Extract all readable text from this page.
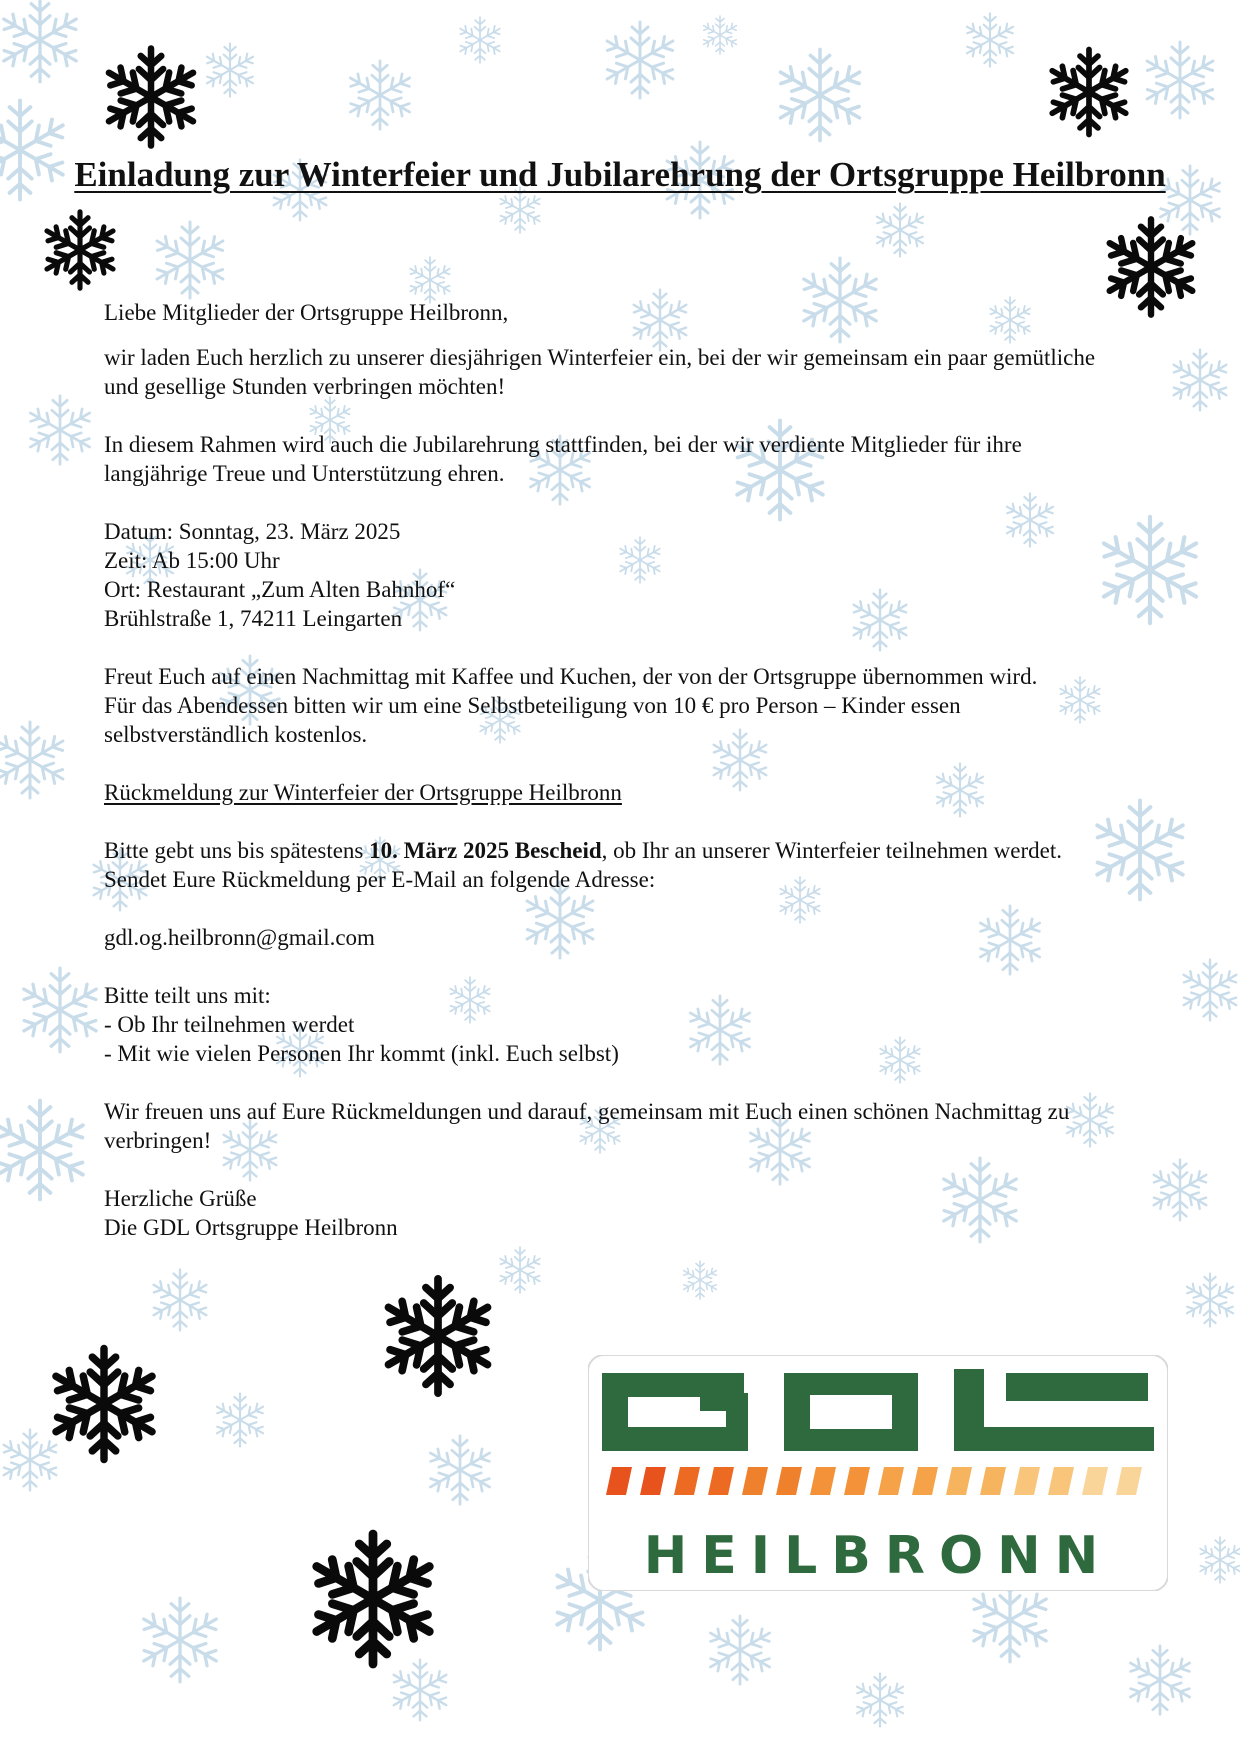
Einladung zur Winterfeier und Jubilarehrung der Ortsgruppe Heilbronn

Liebe Mitglieder der Ortsgruppe Heilbronn,

wir laden Euch herzlich zu unserer diesjährigen Winterfeier ein, bei der wir gemeinsam ein paar gemütliche

und gesellige Stunden verbringen möchten!

In diesem Rahmen wird auch die Jubilarehrung stattfinden, bei der wir verdiente Mitglieder für ihre

langjährige Treue und Unterstützung ehren.

Datum: Sonntag, 23. März 2025

Zeit: Ab 15:00 Uhr

Ort: Restaurant „Zum Alten Bahnhof“

Brühlstraße 1, 74211 Leingarten

Freut Euch auf einen Nachmittag mit Kaffee und Kuchen, der von der Ortsgruppe übernommen wird.

Für das Abendessen bitten wir um eine Selbstbeteiligung von 10 € pro Person – Kinder essen

selbstverständlich kostenlos.

Rückmeldung zur Winterfeier der Ortsgruppe Heilbronn

Bitte gebt uns bis spätestens 10. März 2025 Bescheid, ob Ihr an unserer Winterfeier teilnehmen werdet.

Sendet Eure Rückmeldung per E-Mail an folgende Adresse:

gdl.og.heilbronn@gmail.com

Bitte teilt uns mit:

- Ob Ihr teilnehmen werdet

- Mit wie vielen Personen Ihr kommt (inkl. Euch selbst)

Wir freuen uns auf Eure Rückmeldungen und darauf, gemeinsam mit Euch einen schönen Nachmittag zu

verbringen!

Herzliche Grüße

Die GDL Ortsgruppe Heilbronn

HEILBRONN
